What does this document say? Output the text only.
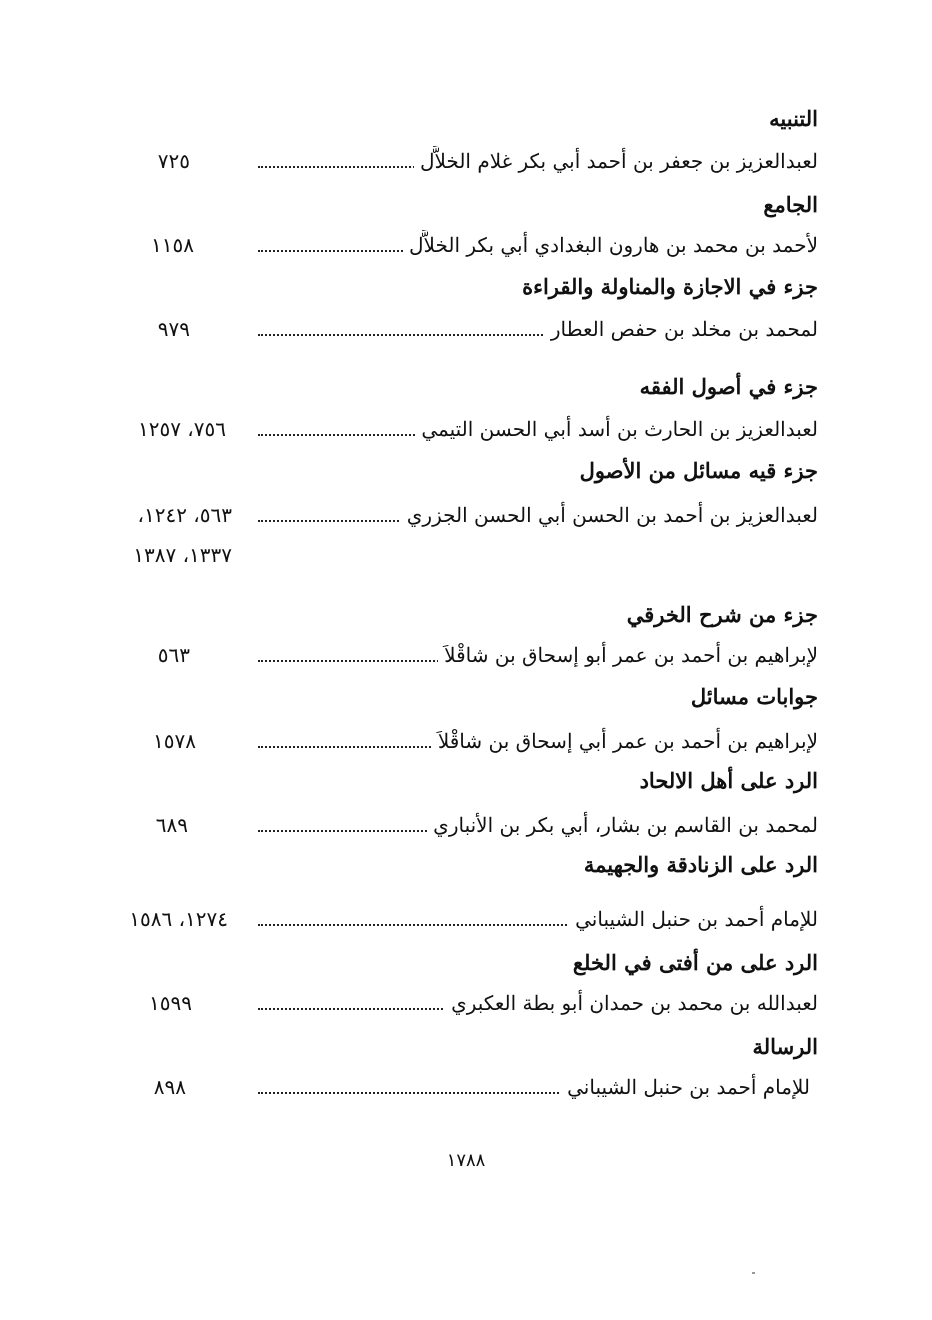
التنبيه
لعبدالعزيز بن جعفر بن أحمد أبي بكر غلام الخلاَّل
٧٢٥
الجامع
لأحمد بن محمد بن هارون البغدادي أبي بكر الخلاَّل
١١٥٨
جزء في الاجازة والمناولة والقراءة
لمحمد بن مخلد بن حفص العطار
٩٧٩
جزء في أصول الفقه
لعبدالعزيز بن الحارث بن أسد أبي الحسن التيمي
٧٥٦، ١٢٥٧
جزء قيه مسائل من الأصول
لعبدالعزيز بن أحمد بن الحسن أبي الحسن الجزري
٥٦٣، ١٢٤٢،
١٣٣٧، ١٣٨٧
جزء من شرح الخرقي
لإبراهيم بن أحمد بن عمر أبو إسحاق بن شاقْلاَ
٥٦٣
جوابات مسائل
لإبراهيم بن أحمد بن عمر أبي إسحاق بن شاقْلاَ
١٥٧٨
الرد على أهل الالحاد
لمحمد بن القاسم بن بشار، أبي بكر بن الأنباري
٦٨٩
الرد على الزنادقة والجهيمة
للإمام أحمد بن حنبل الشيباني
١٢٧٤، ١٥٨٦
الرد على من أفتى في الخلع
لعبدالله بن محمد بن حمدان أبو بطة العكبري
١٥٩٩
الرسالة
للإمام أحمد بن حنبل الشيباني
٨٩٨
١٧٨٨
